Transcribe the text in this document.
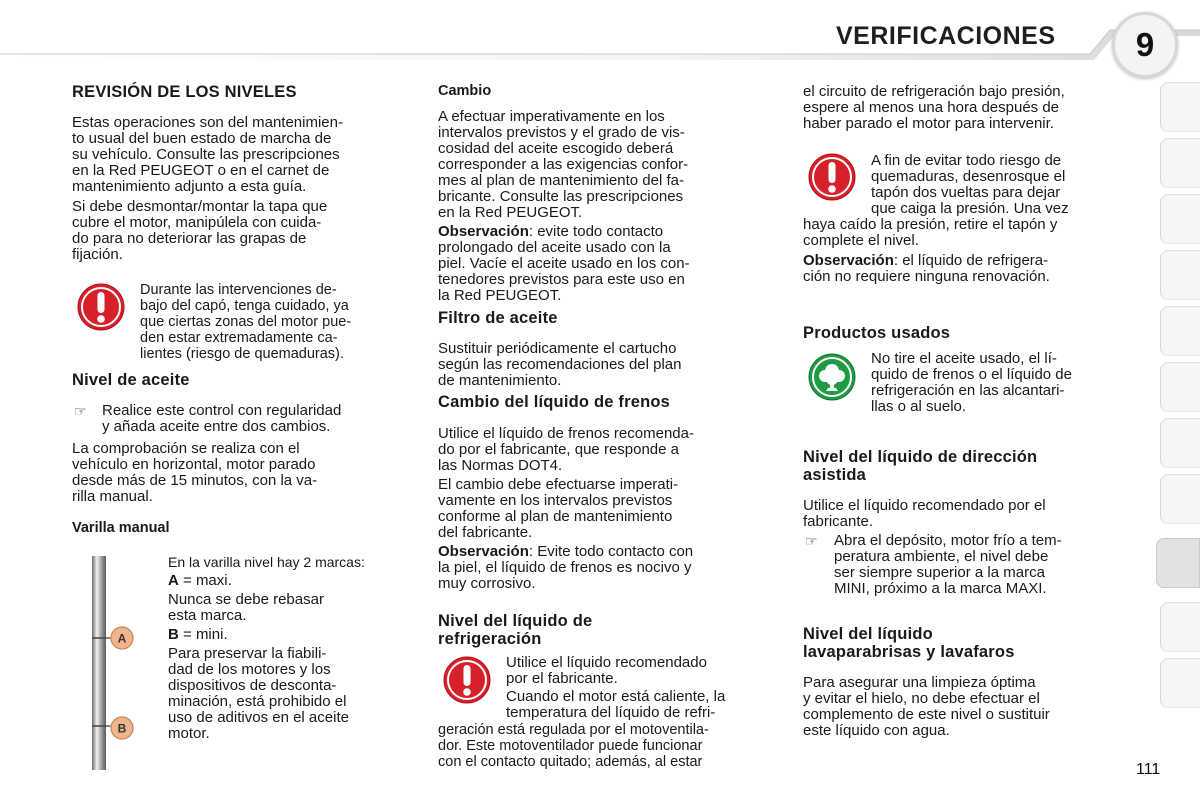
VERIFICACIONES	9
REVISIÓN DE LOS NIVELES
Estas operaciones son del mantenimien-
to usual del buen estado de marcha de
su vehículo. Consulte las prescripciones
en la Red PEUGEOT o en el carnet de
mantenimiento adjunto a esta guía.
Si debe desmontar/montar la tapa que
cubre el motor, manipúlela con cuida-
do para no deteriorar las grapas de
fijación.
Durante las intervenciones de-
bajo del capó, tenga cuidado, ya
que ciertas zonas del motor pue-
den estar extremadamente ca-
lientes (riesgo de quemaduras).
Nivel de aceite
☞ Realice este control con regularidad
y añada aceite entre dos cambios.
La comprobación se realiza con el
vehículo en horizontal, motor parado
desde más de 15 minutos, con la va-
rilla manual.
Varilla manual
A
B
En la varilla nivel hay 2 marcas:
A = maxi.
Nunca se debe rebasar
esta marca.
B = mini.
Para preservar la fiabili-
dad de los motores y los
dispositivos de desconta-
minación, está prohibido el
uso de aditivos en el aceite
motor.
Cambio
A efectuar imperativamente en los
intervalos previstos y el grado de vis-
cosidad del aceite escogido deberá
corresponder a las exigencias confor-
mes al plan de mantenimiento del fa-
bricante. Consulte las prescripciones
en la Red PEUGEOT.
Observación: evite todo contacto
prolongado del aceite usado con la
piel. Vacíe el aceite usado en los con-
tenedores previstos para este uso en
la Red PEUGEOT.
Filtro de aceite
Sustituir periódicamente el cartucho
según las recomendaciones del plan
de mantenimiento.
Cambio del líquido de frenos
Utilice el líquido de frenos recomenda-
do por el fabricante, que responde a
las Normas DOT4.
El cambio debe efectuarse imperati-
vamente en los intervalos previstos
conforme al plan de mantenimiento
del fabricante.
Observación: Evite todo contacto con
la piel, el líquido de frenos es nocivo y
muy corrosivo.
Nivel del líquido de
refrigeración
Utilice el líquido recomendado
por el fabricante.
Cuando el motor está caliente, la
temperatura del líquido de refri-
geración está regulada por el motoventila-
dor. Este motoventilador puede funcionar
con el contacto quitado; además, al estar
el circuito de refrigeración bajo presión,
espere al menos una hora después de
haber parado el motor para intervenir.
A fin de evitar todo riesgo de
quemaduras, desenrosque el
tapón dos vueltas para dejar
que caiga la presión. Una vez
haya caído la presión, retire el tapón y
complete el nivel.
Observación: el líquido de refrigera-
ción no requiere ninguna renovación.
Productos usados
No tire el aceite usado, el lí-
quido de frenos o el líquido de
refrigeración en las alcantari-
llas o al suelo.
Nivel del líquido de dirección
asistida
Utilice el líquido recomendado por el
fabricante.
☞ Abra el depósito, motor frío a tem-
peratura ambiente, el nivel debe
ser siempre superior a la marca
MINI, próximo a la marca MAXI.
Nivel del líquido
lavaparabrisas y lavafaros
Para asegurar una limpieza óptima
y evitar el hielo, no debe efectuar el
complemento de este nivel o sustituir
este líquido con agua.
111
